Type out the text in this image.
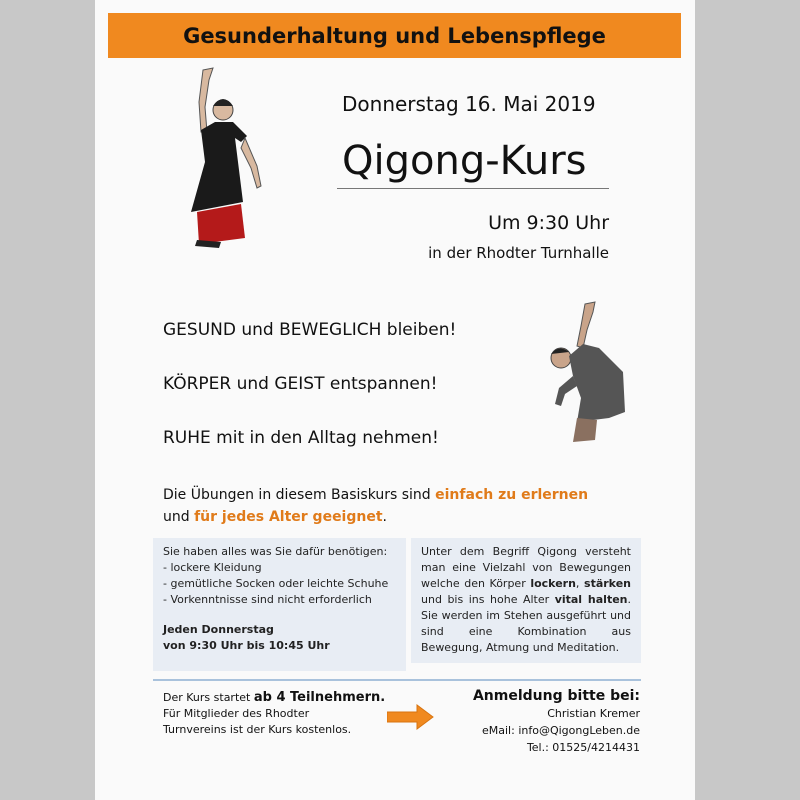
Gesunderhaltung und Lebenspflege
Donnerstag 16. Mai 2019
Qigong-Kurs
Um 9:30 Uhr
in der Rhodter Turnhalle
GESUND und BEWEGLICH bleiben!
KÖRPER und GEIST entspannen!
RUHE mit in den Alltag nehmen!
Die Übungen in diesem Basiskurs sind einfach zu erlernen
und für jedes Alter geeignet.
Sie haben alles was Sie dafür benötigen:
- lockere Kleidung
- gemütliche Socken oder leichte Schuhe
- Vorkenntnisse sind nicht erforderlich
Jeden Donnerstag
von 9:30 Uhr bis 10:45 Uhr
Unter dem Begriff Qigong versteht man eine Vielzahl von Bewegungen welche den Körper lockern, stärken und bis ins hohe Alter vital halten. Sie werden im Stehen ausgeführt und sind eine Kombination aus Bewegung, Atmung und Meditation.
Der Kurs startet ab 4 Teilnehmern.
Für Mitglieder des Rhodter
Turnvereins ist der Kurs kostenlos.
Anmeldung bitte bei:
Christian Kremer
eMail: info@QigongLeben.de
Tel.: 01525/4214431
